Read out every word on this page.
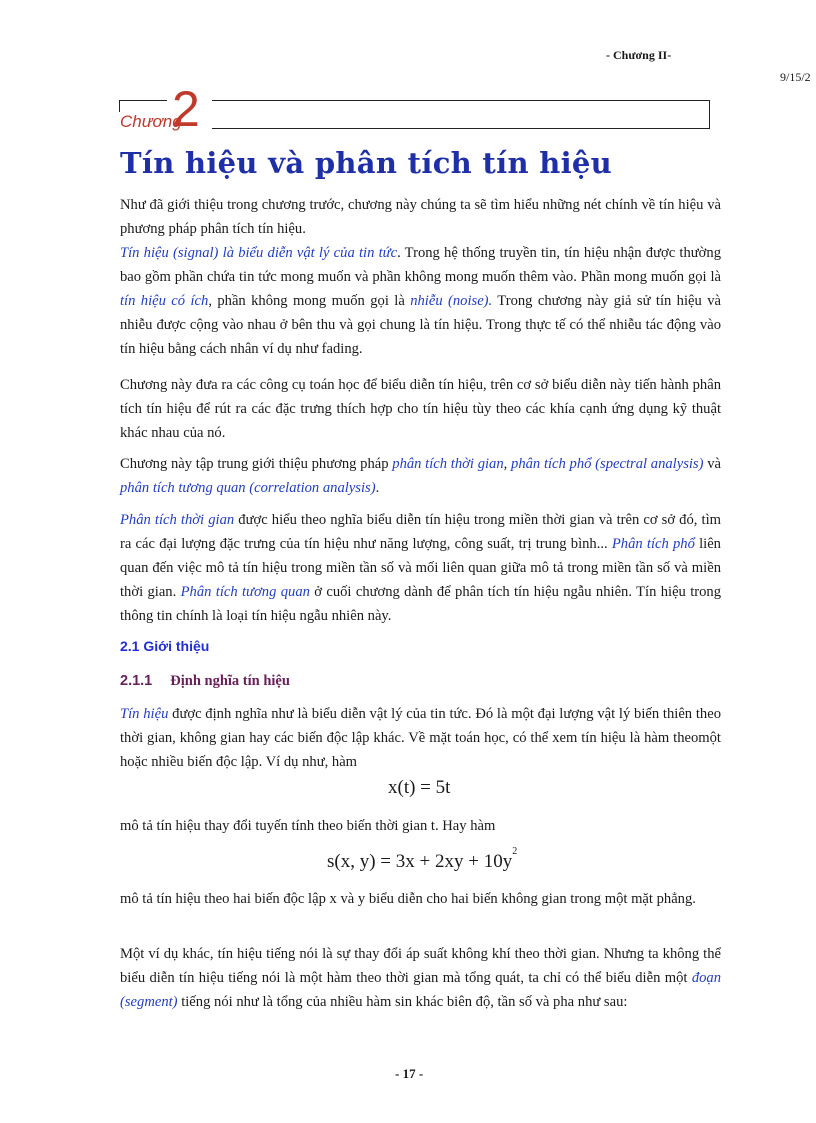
- Chương II-
9/15/2
Chương
2
Tín hiệu và phân tích tín hiệu

Như đã giới thiệu trong chương trước, chương này chúng ta sẽ tìm hiểu những nét chính về tín hiệu và phương pháp phân tích tín hiệu.

Tín hiệu (signal) là biểu diễn vật lý của tin tức. Trong hệ thống truyền tin, tín hiệu nhận được thường bao gồm phần chứa tin tức mong muốn và phần không mong muốn thêm vào. Phần mong muốn gọi là tín hiệu có ích, phần không mong muốn gọi là nhiễu (noise). Trong chương này giả sử tín hiệu và nhiễu được cộng vào nhau ở bên thu và gọi chung là tín hiệu. Trong thực tế có thể nhiễu tác động vào tín hiệu bằng cách nhân ví dụ như fading.

Chương này đưa ra các công cụ toán học để biểu diễn tín hiệu, trên cơ sở biểu diễn này tiến hành phân tích tín hiệu để rút ra các đặc trưng thích hợp cho tín hiệu tùy theo các khía cạnh ứng dụng kỹ thuật khác nhau của nó.

Chương này tập trung giới thiệu phương pháp phân tích thời gian, phân tích phổ (spectral analysis) và phân tích tương quan (correlation analysis).

Phân tích thời gian được hiểu theo nghĩa biểu diễn tín hiệu trong miền thời gian và trên cơ sở đó, tìm ra các đại lượng đặc trưng của tín hiệu như năng lượng, công suất, trị trung bình... Phân tích phổ liên quan đến việc mô tả tín hiệu trong miền tần số và mối liên quan giữa mô tả trong miền tần số và miền thời gian. Phân tích tương quan ở cuối chương dành để phân tích tín hiệu ngẫu nhiên. Tín hiệu trong thông tin chính là loại tín hiệu ngẫu nhiên này.

2.1 Giới thiệu
2.1.1 Định nghĩa tín hiệu

Tín hiệu được định nghĩa như là biểu diễn vật lý của tin tức. Đó là một đại lượng vật lý biến thiên theo thời gian, không gian hay các biến độc lập khác. Về mặt toán học, có thể xem tín hiệu là hàm theomột hoặc nhiều biến độc lập. Ví dụ như, hàm

x(t) = 5t

mô tả tín hiệu thay đổi tuyến tính theo biến thời gian t. Hay hàm

s(x, $y) = 3x + 2xy + 10y^2$

mô tả tín hiệu theo hai biến độc lập x và y biểu diễn cho hai biến không gian trong một mặt phẳng.

Một ví dụ khác, tín hiệu tiếng nói là sự thay đổi áp suất không khí theo thời gian. Nhưng ta không thể biểu diễn tín hiệu tiếng nói là một hàm theo thời gian mà tổng quát, ta chỉ có thể biểu diễn một đoạn (segment) tiếng nói như là tổng của nhiều hàm sin khác biên độ, tần số và pha như sau:

- 17 -
